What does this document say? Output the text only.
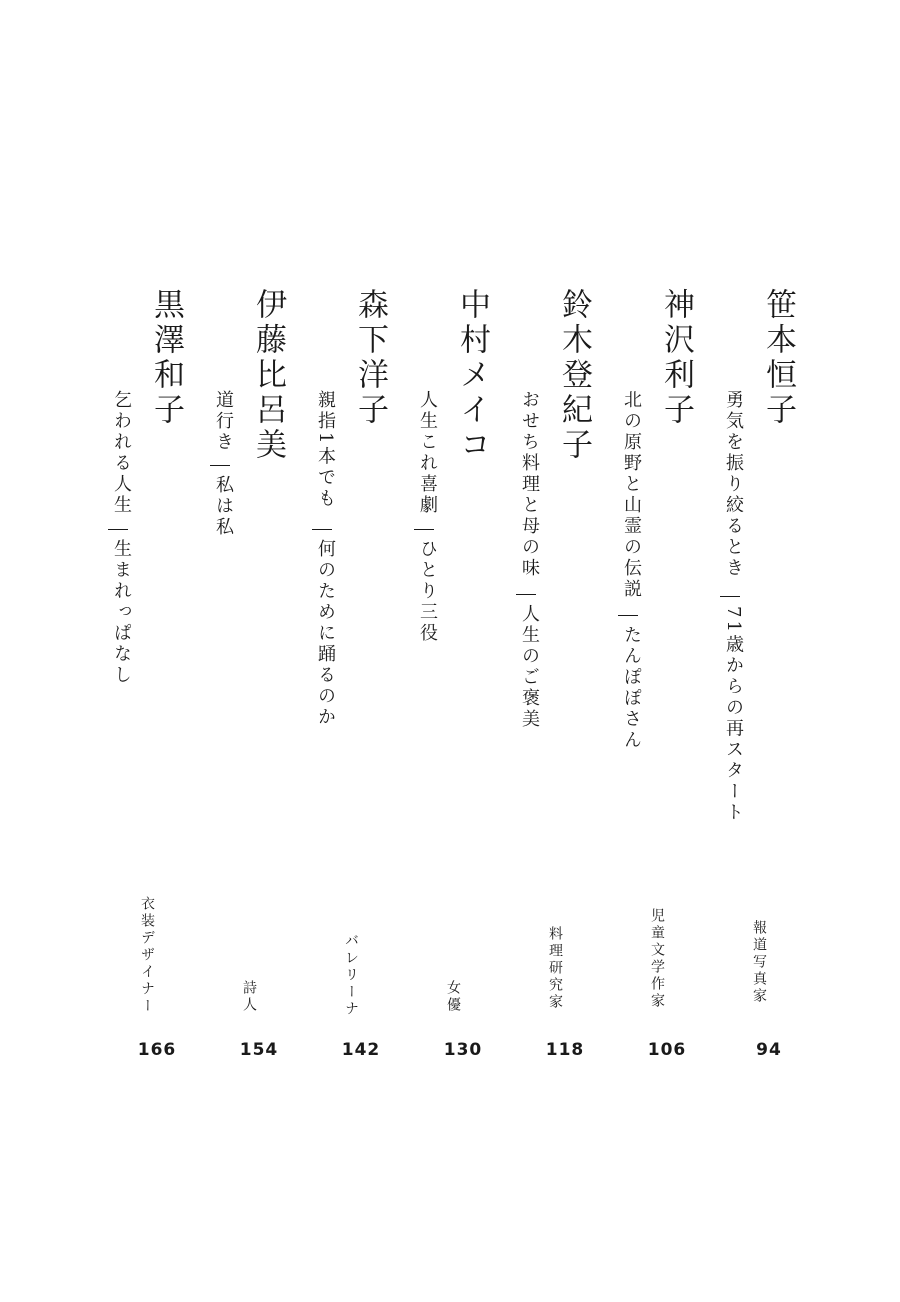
笹本恒子
勇気を振り絞るとき
71歳からの再スタート
報道写真家
94
神沢利子
北の原野と山霊の伝説
たんぽぽさん
児童文学作家
106
鈴木登紀子
おせち料理と母の味
人生のご褒美
料理研究家
118
中村メイコ
人生これ喜劇
ひとり三役
女優
130
森下洋子
親指1本でも
何のために踊るのか
バレリーナ
142
伊藤比呂美
道行き
私は私
詩人
154
黒澤和子
乞われる人生
生まれっぱなし
衣装デザイナー
166
